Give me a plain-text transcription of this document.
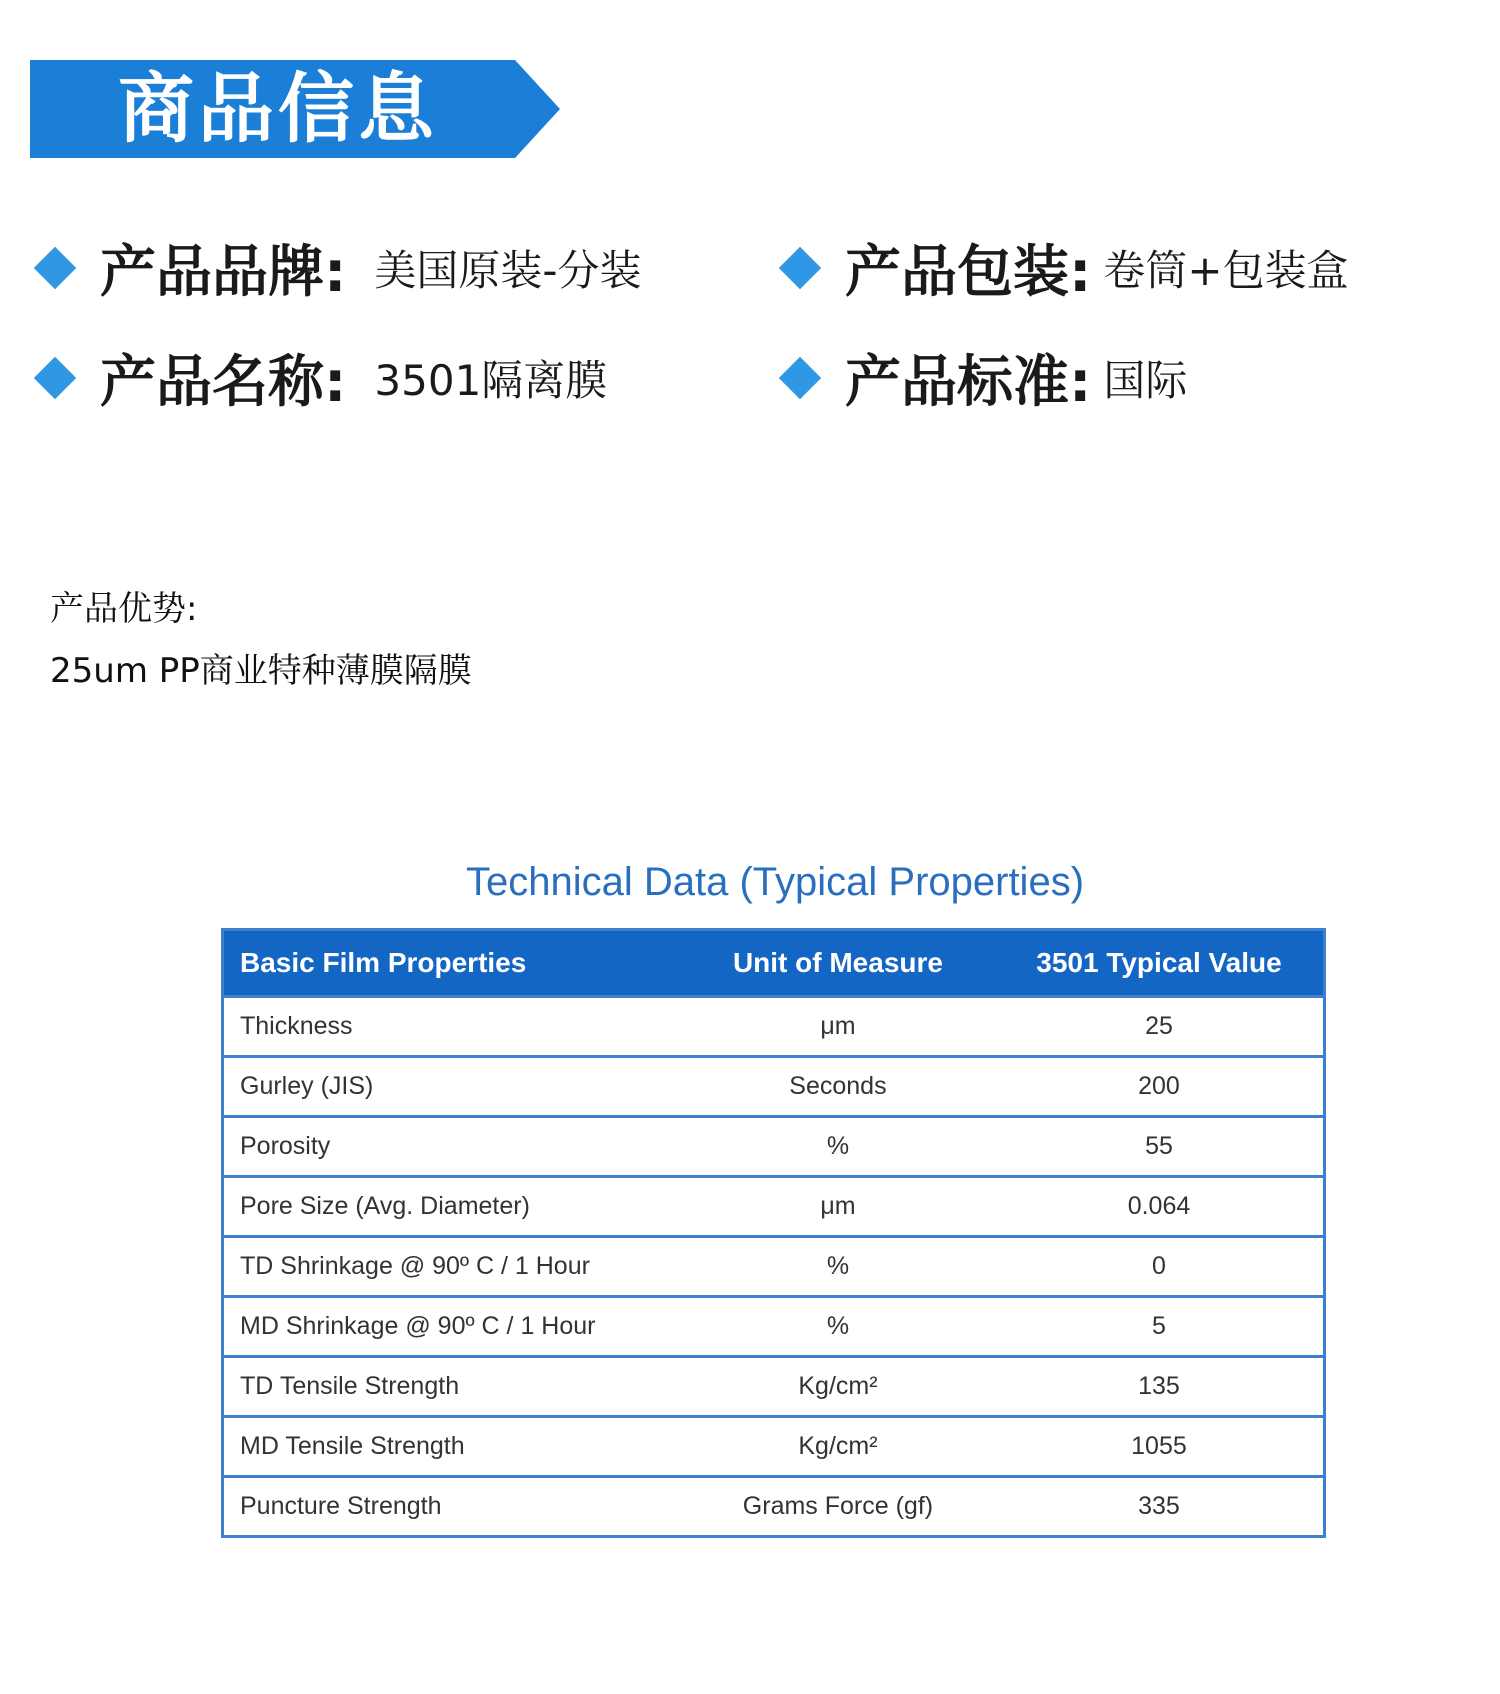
商品信息
产品品牌: 美国原装-分装	产品包装: 卷筒+包装盒
产品名称: 3501隔离膜	产品标准: 国际
产品优势:
25um PP商业特种薄膜隔膜
Technical Data (Typical Properties)
Basic Film Properties	Unit of Measure	3501 Typical Value
Thickness	μm	25
Gurley (JIS)	Seconds	200
Porosity	%	55
Pore Size (Avg. Diameter)	μm	0.064
TD Shrinkage @ 90º C / 1 Hour	%	0
MD Shrinkage @ 90º C / 1 Hour	%	5
TD Tensile Strength	Kg/cm²	135
MD Tensile Strength	Kg/cm²	1055
Puncture Strength	Grams Force (gf)	335
